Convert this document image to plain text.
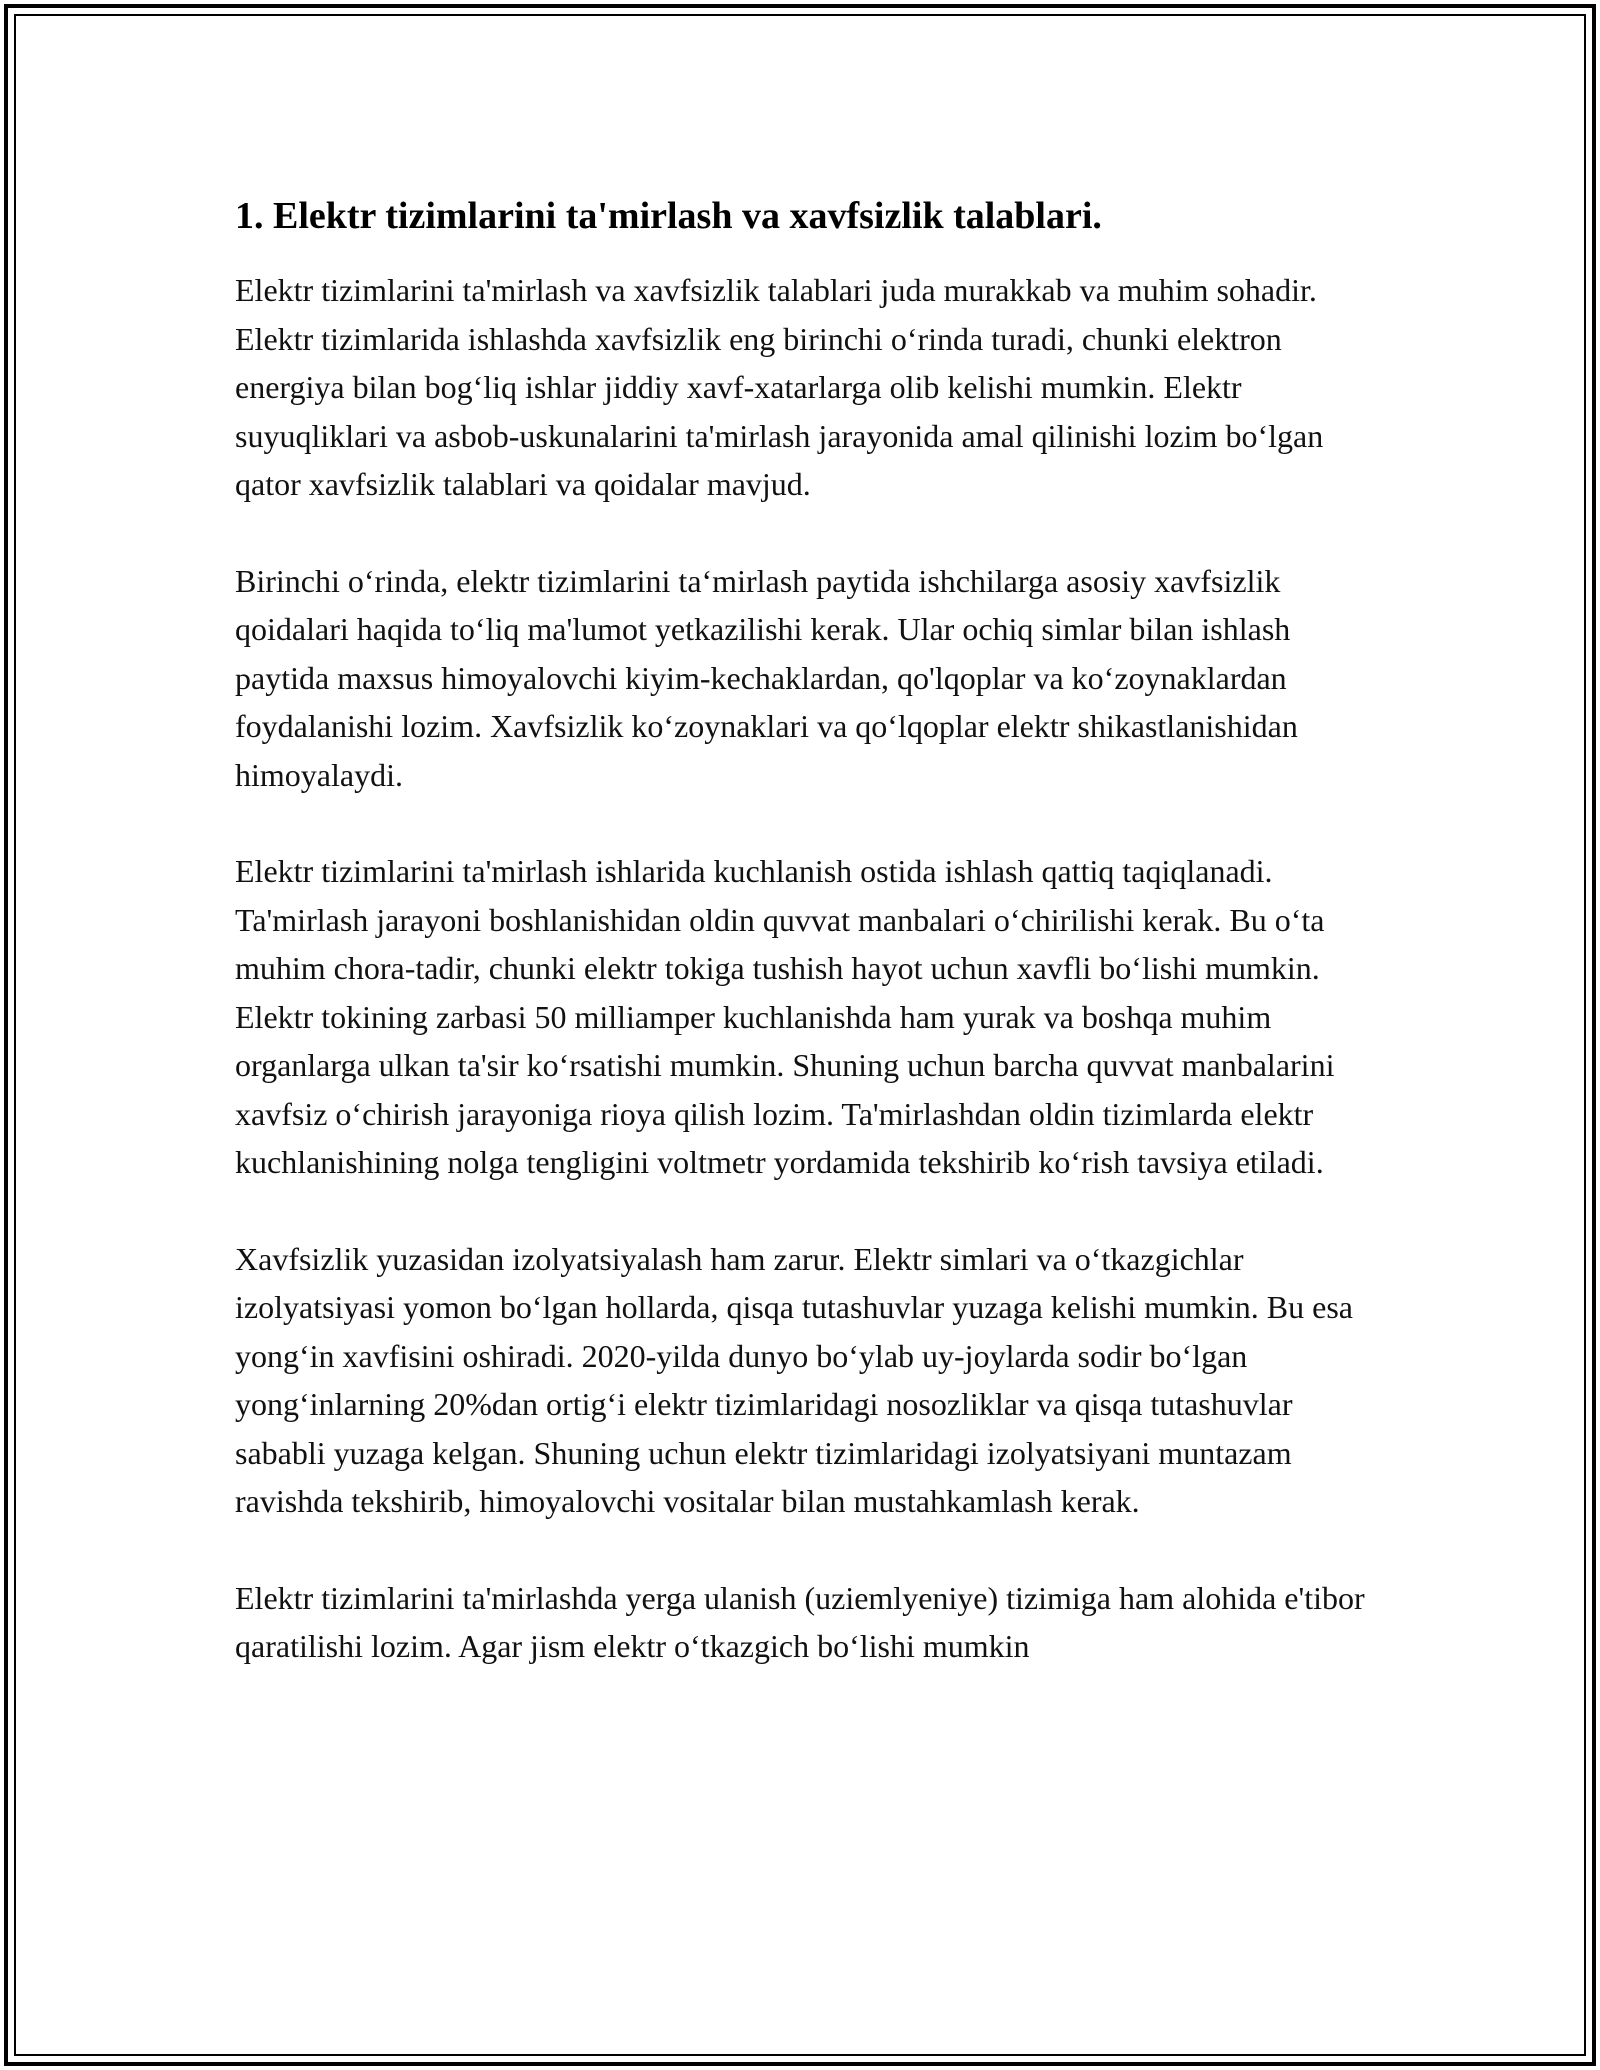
1. Elektr tizimlarini ta'mirlash va xavfsizlik talablari.

Elektr tizimlarini ta'mirlash va xavfsizlik talablari juda murakkab va muhim sohadir. Elektr tizimlarida ishlashda xavfsizlik eng birinchi oʻrinda turadi, chunki elektron energiya bilan bogʻliq ishlar jiddiy xavf-xatarlarga olib kelishi mumkin. Elektr suyuqliklari va asbob-uskunalarini ta'mirlash jarayonida amal qilinishi lozim boʻlgan qator xavfsizlik talablari va qoidalar mavjud.

Birinchi oʻrinda, elektr tizimlarini taʻmirlash paytida ishchilarga asosiy xavfsizlik qoidalari haqida toʻliq ma'lumot yetkazilishi kerak. Ular ochiq simlar bilan ishlash paytida maxsus himoyalovchi kiyim-kechaklardan, qo'lqoplar va koʻzoynaklardan foydalanishi lozim. Xavfsizlik koʻzoynaklari va qoʻlqoplar elektr shikastlanishidan himoyalaydi.

Elektr tizimlarini ta'mirlash ishlarida kuchlanish ostida ishlash qattiq taqiqlanadi. Ta'mirlash jarayoni boshlanishidan oldin quvvat manbalari oʻchirilishi kerak. Bu oʻta muhim chora-tadir, chunki elektr tokiga tushish hayot uchun xavfli boʻlishi mumkin. Elektr tokining zarbasi 50 milliamper kuchlanishda ham yurak va boshqa muhim organlarga ulkan ta'sir koʻrsatishi mumkin. Shuning uchun barcha quvvat manbalarini xavfsiz oʻchirish jarayoniga rioya qilish lozim. Ta'mirlashdan oldin tizimlarda elektr kuchlanishining nolga tengligini voltmetr yordamida tekshirib koʻrish tavsiya etiladi.

Xavfsizlik yuzasidan izolyatsiyalash ham zarur. Elektr simlari va oʻtkazgichlar izolyatsiyasi yomon boʻlgan hollarda, qisqa tutashuvlar yuzaga kelishi mumkin. Bu esa yongʻin xavfisini oshiradi. 2020-yilda dunyo boʻylab uy-joylarda sodir boʻlgan yongʻinlarning 20%dan ortigʻi elektr tizimlaridagi nosozliklar va qisqa tutashuvlar sababli yuzaga kelgan. Shuning uchun elektr tizimlaridagi izolyatsiyani muntazam ravishda tekshirib, himoyalovchi vositalar bilan mustahkamlash kerak.

Elektr tizimlarini ta'mirlashda yerga ulanish (uziemlyeniye) tizimiga ham alohida e'tibor qaratilishi lozim. Agar jism elektr oʻtkazgich boʻlishi mumkin
